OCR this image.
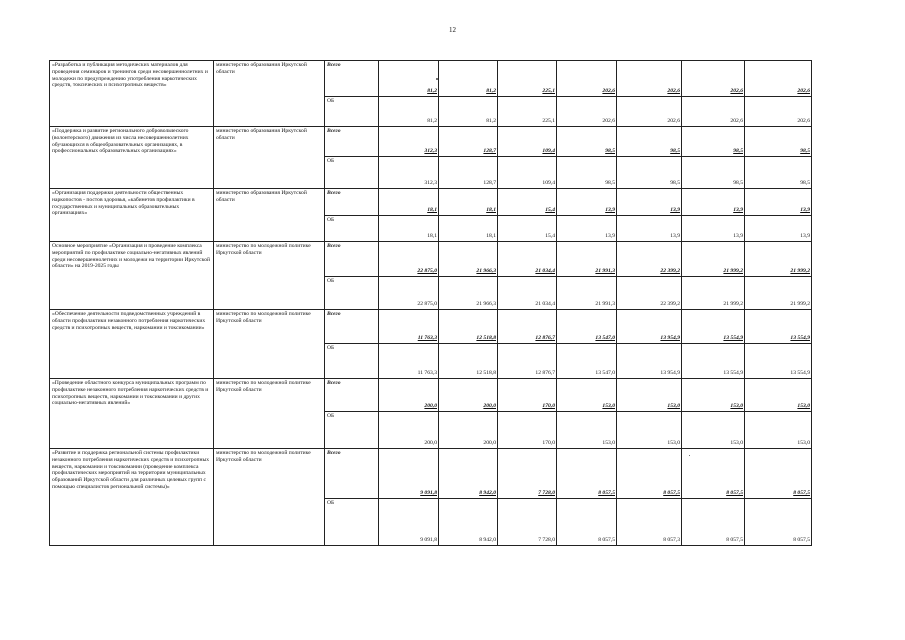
12
«Разработка и публикация методических материалов для проведения семинаров и тренингов среди несовершеннолетних и молодежи по предупреждению употребления наркотических средств, токсических и психотропных веществ»	министерство образования Иркутской области	Всего	81,2	81,2	225,1	202,6	202,6	202,6	202,6
		ОБ	81,2	81,2	225,1	202,6	202,6	202,6	202,6
«Поддержка и развитие регионального добровольческого (волонтерского) движения из числа несовершеннолетних обучающихся в общеобразовательных организациях, в профессиональных образовательных организациях»	министерство образования Иркутской области	Всего	312,3	128,7	109,4	98,5	98,5	98,5	98,5
		ОБ	312,3	128,7	109,4	98,5	98,5	98,5	98,5
«Организация поддержки деятельности общественных наркопостов - постов здоровья, «кабинетов профилактики в государственных и муниципальных образовательных организациях»	министерство образования Иркутской области	Всего	18,1	18,1	15,4	13,9	13,9	13,9	13,9
		ОБ	18,1	18,1	15,4	13,9	13,9	13,9	13,9
Основное мероприятие «Организация и проведение комплекса мероприятий по профилактике социально-негативных явлений среди несовершеннолетних и молодежи на территории Иркутской области» на 2019-2025 годы	министерство по молодежной политике Иркутской области	Всего	22 875,0	21 966,3	21 034,4	21 991,3	22 399,2	21 999,2	21 999,2
		ОБ	22 875,0	21 966,3	21 034,4	21 991,3	22 399,2	21 999,2	21 999,2
«Обеспечение деятельности подведомственных учреждений в области профилактики незаконного потребления наркотических средств и психотропных веществ, наркомании и токсикомании»	министерство по молодежной политике Иркутской области	Всего	11 763,3	12 518,8	12 876,7	13 547,0	13 954,9	13 554,9	13 554,9
		ОБ	11 763,3	12 518,8	12 876,7	13 547,0	13 954,9	13 554,9	13 554,9
«Проведение областного конкурса муниципальных программ по профилактике незаконного потребления наркотических средств и психотропных веществ, наркомании и токсикомании и других социально-негативных явлений»	министерство по молодежной политике Иркутской области	Всего	200,0	200,0	170,0	153,0	153,0	153,0	153,0
		ОБ	200,0	200,0	170,0	153,0	153,0	153,0	153,0
«Развитие и поддержка региональной системы профилактики незаконного потребления наркотических средств и психотропных веществ, наркомании и токсикомании (проведение комплекса профилактических мероприятий на территории муниципальных образований Иркутской области для различных целевых групп с помощью специалистов региональной системы)»	министерство по молодежной политике Иркутской области	Всего	9 091,8	8 942,0	7 728,0	8 057,5	8 057,5	8 057,5	8 057,5
		ОБ	9 091,8	8 942,0	7 728,0	8 057,5	8 057,3	8 057,5	8 057,5
